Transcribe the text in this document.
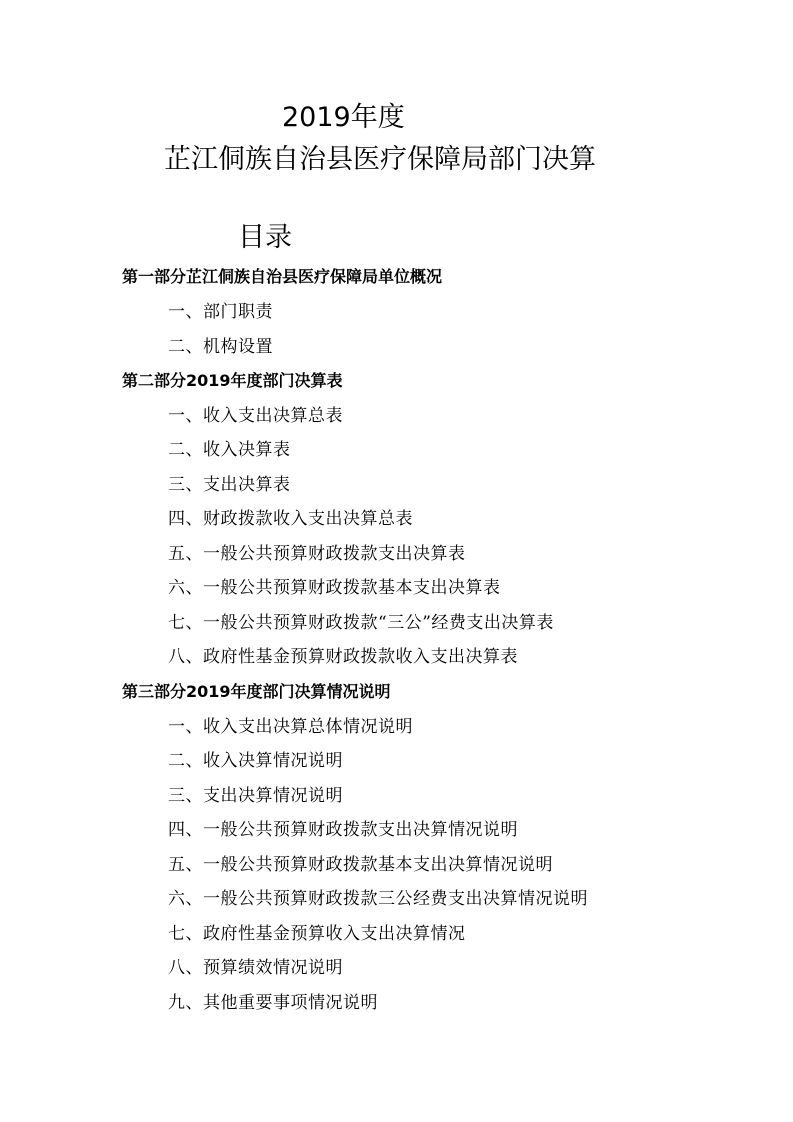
2019年度
芷江侗族自治县医疗保障局部门决算
目录
第一部分芷江侗族自治县医疗保障局单位概况
一、部门职责
二、机构设置
第二部分2019年度部门决算表
一、收入支出决算总表
二、收入决算表
三、支出决算表
四、财政拨款收入支出决算总表
五、一般公共预算财政拨款支出决算表
六、一般公共预算财政拨款基本支出决算表
七、一般公共预算财政拨款“三公”经费支出决算表
八、政府性基金预算财政拨款收入支出决算表
第三部分2019年度部门决算情况说明
一、收入支出决算总体情况说明
二、收入决算情况说明
三、支出决算情况说明
四、一般公共预算财政拨款支出决算情况说明
五、一般公共预算财政拨款基本支出决算情况说明
六、一般公共预算财政拨款三公经费支出决算情况说明
七、政府性基金预算收入支出决算情况
八、预算绩效情况说明
九、其他重要事项情况说明
